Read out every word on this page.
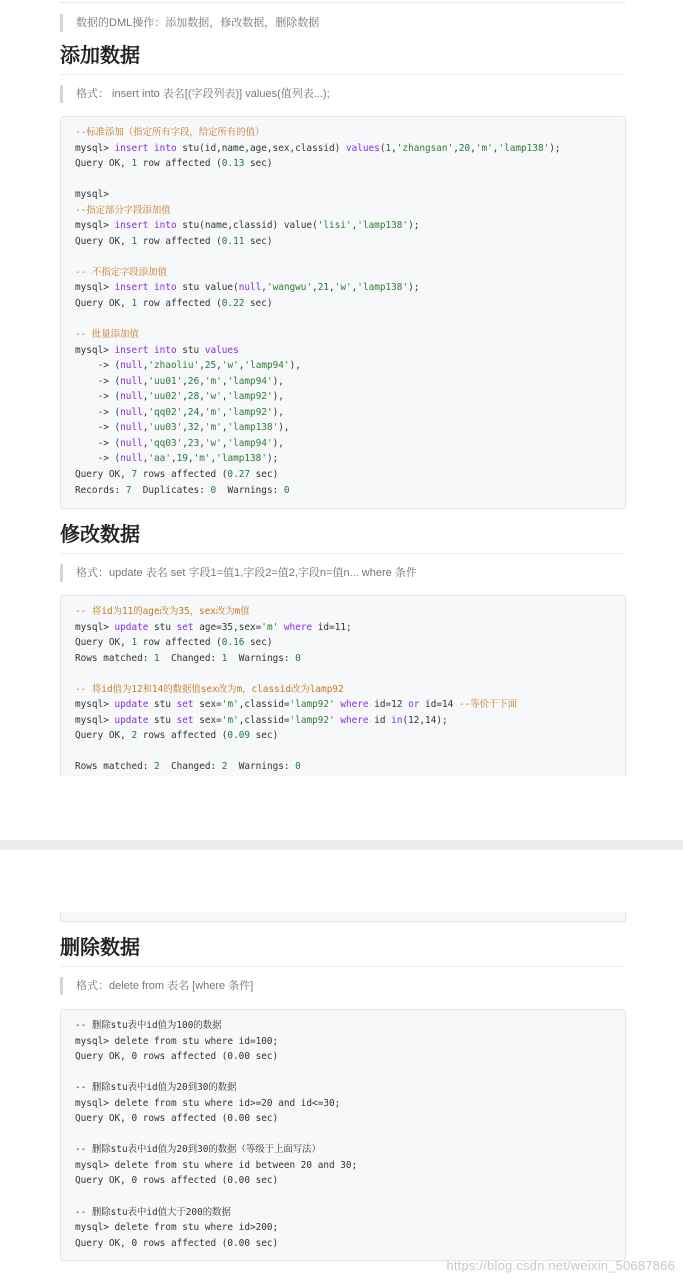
数据的DML操作：添加数据，修改数据，删除数据
添加数据
格式： insert into 表名[(字段列表)] values(值列表...);
--标准添加（指定所有字段，给定所有的值）
mysql> insert into stu(id,name,age,sex,classid) values(1,'zhangsan',20,'m','lamp138');
Query OK, 1 row affected (0.13 sec)

mysql>
--指定部分字段添加值
mysql> insert into stu(name,classid) value('lisi','lamp138');
Query OK, 1 row affected (0.11 sec)

-- 不指定字段添加值
mysql> insert into stu value(null,'wangwu',21,'w','lamp138');
Query OK, 1 row affected (0.22 sec)

-- 批量添加值
mysql> insert into stu values
-> (null,'zhaoliu',25,'w','lamp94'),
-> (null,'uu01',26,'m','lamp94'),
-> (null,'uu02',28,'w','lamp92'),
-> (null,'qq02',24,'m','lamp92'),
-> (null,'uu03',32,'m','lamp138'),
-> (null,'qq03',23,'w','lamp94'),
-> (null,'aa',19,'m','lamp138');
Query OK, 7 rows affected (0.27 sec)
Records: 7  Duplicates: 0  Warnings: 0
修改数据
格式：update 表名 set 字段1=值1,字段2=值2,字段n=值n... where 条件
-- 将id为11的age改为35，sex改为m值
mysql> update stu set age=35,sex='m' where id=11;
Query OK, 1 row affected (0.16 sec)
Rows matched: 1  Changed: 1  Warnings: 0

-- 将id值为12和14的数据值sex改为m，classid改为lamp92
mysql> update stu set sex='m',classid='lamp92' where id=12 or id=14 --等价于下面
mysql> update stu set sex='m',classid='lamp92' where id in(12,14);
Query OK, 2 rows affected (0.09 sec)

Rows matched: 2  Changed: 2  Warnings: 0
删除数据
格式：delete from 表名 [where 条件]
-- 删除stu表中id值为100的数据
mysql> delete from stu where id=100;
Query OK, 0 rows affected (0.00 sec)

-- 删除stu表中id值为20到30的数据
mysql> delete from stu where id>=20 and id<=30;
Query OK, 0 rows affected (0.00 sec)

-- 删除stu表中id值为20到30的数据（等级于上面写法）
mysql> delete from stu where id between 20 and 30;
Query OK, 0 rows affected (0.00 sec)

-- 删除stu表中id值大于200的数据
mysql> delete from stu where id>200;
Query OK, 0 rows affected (0.00 sec)
https://blog.csdn.net/weixin_50687866
